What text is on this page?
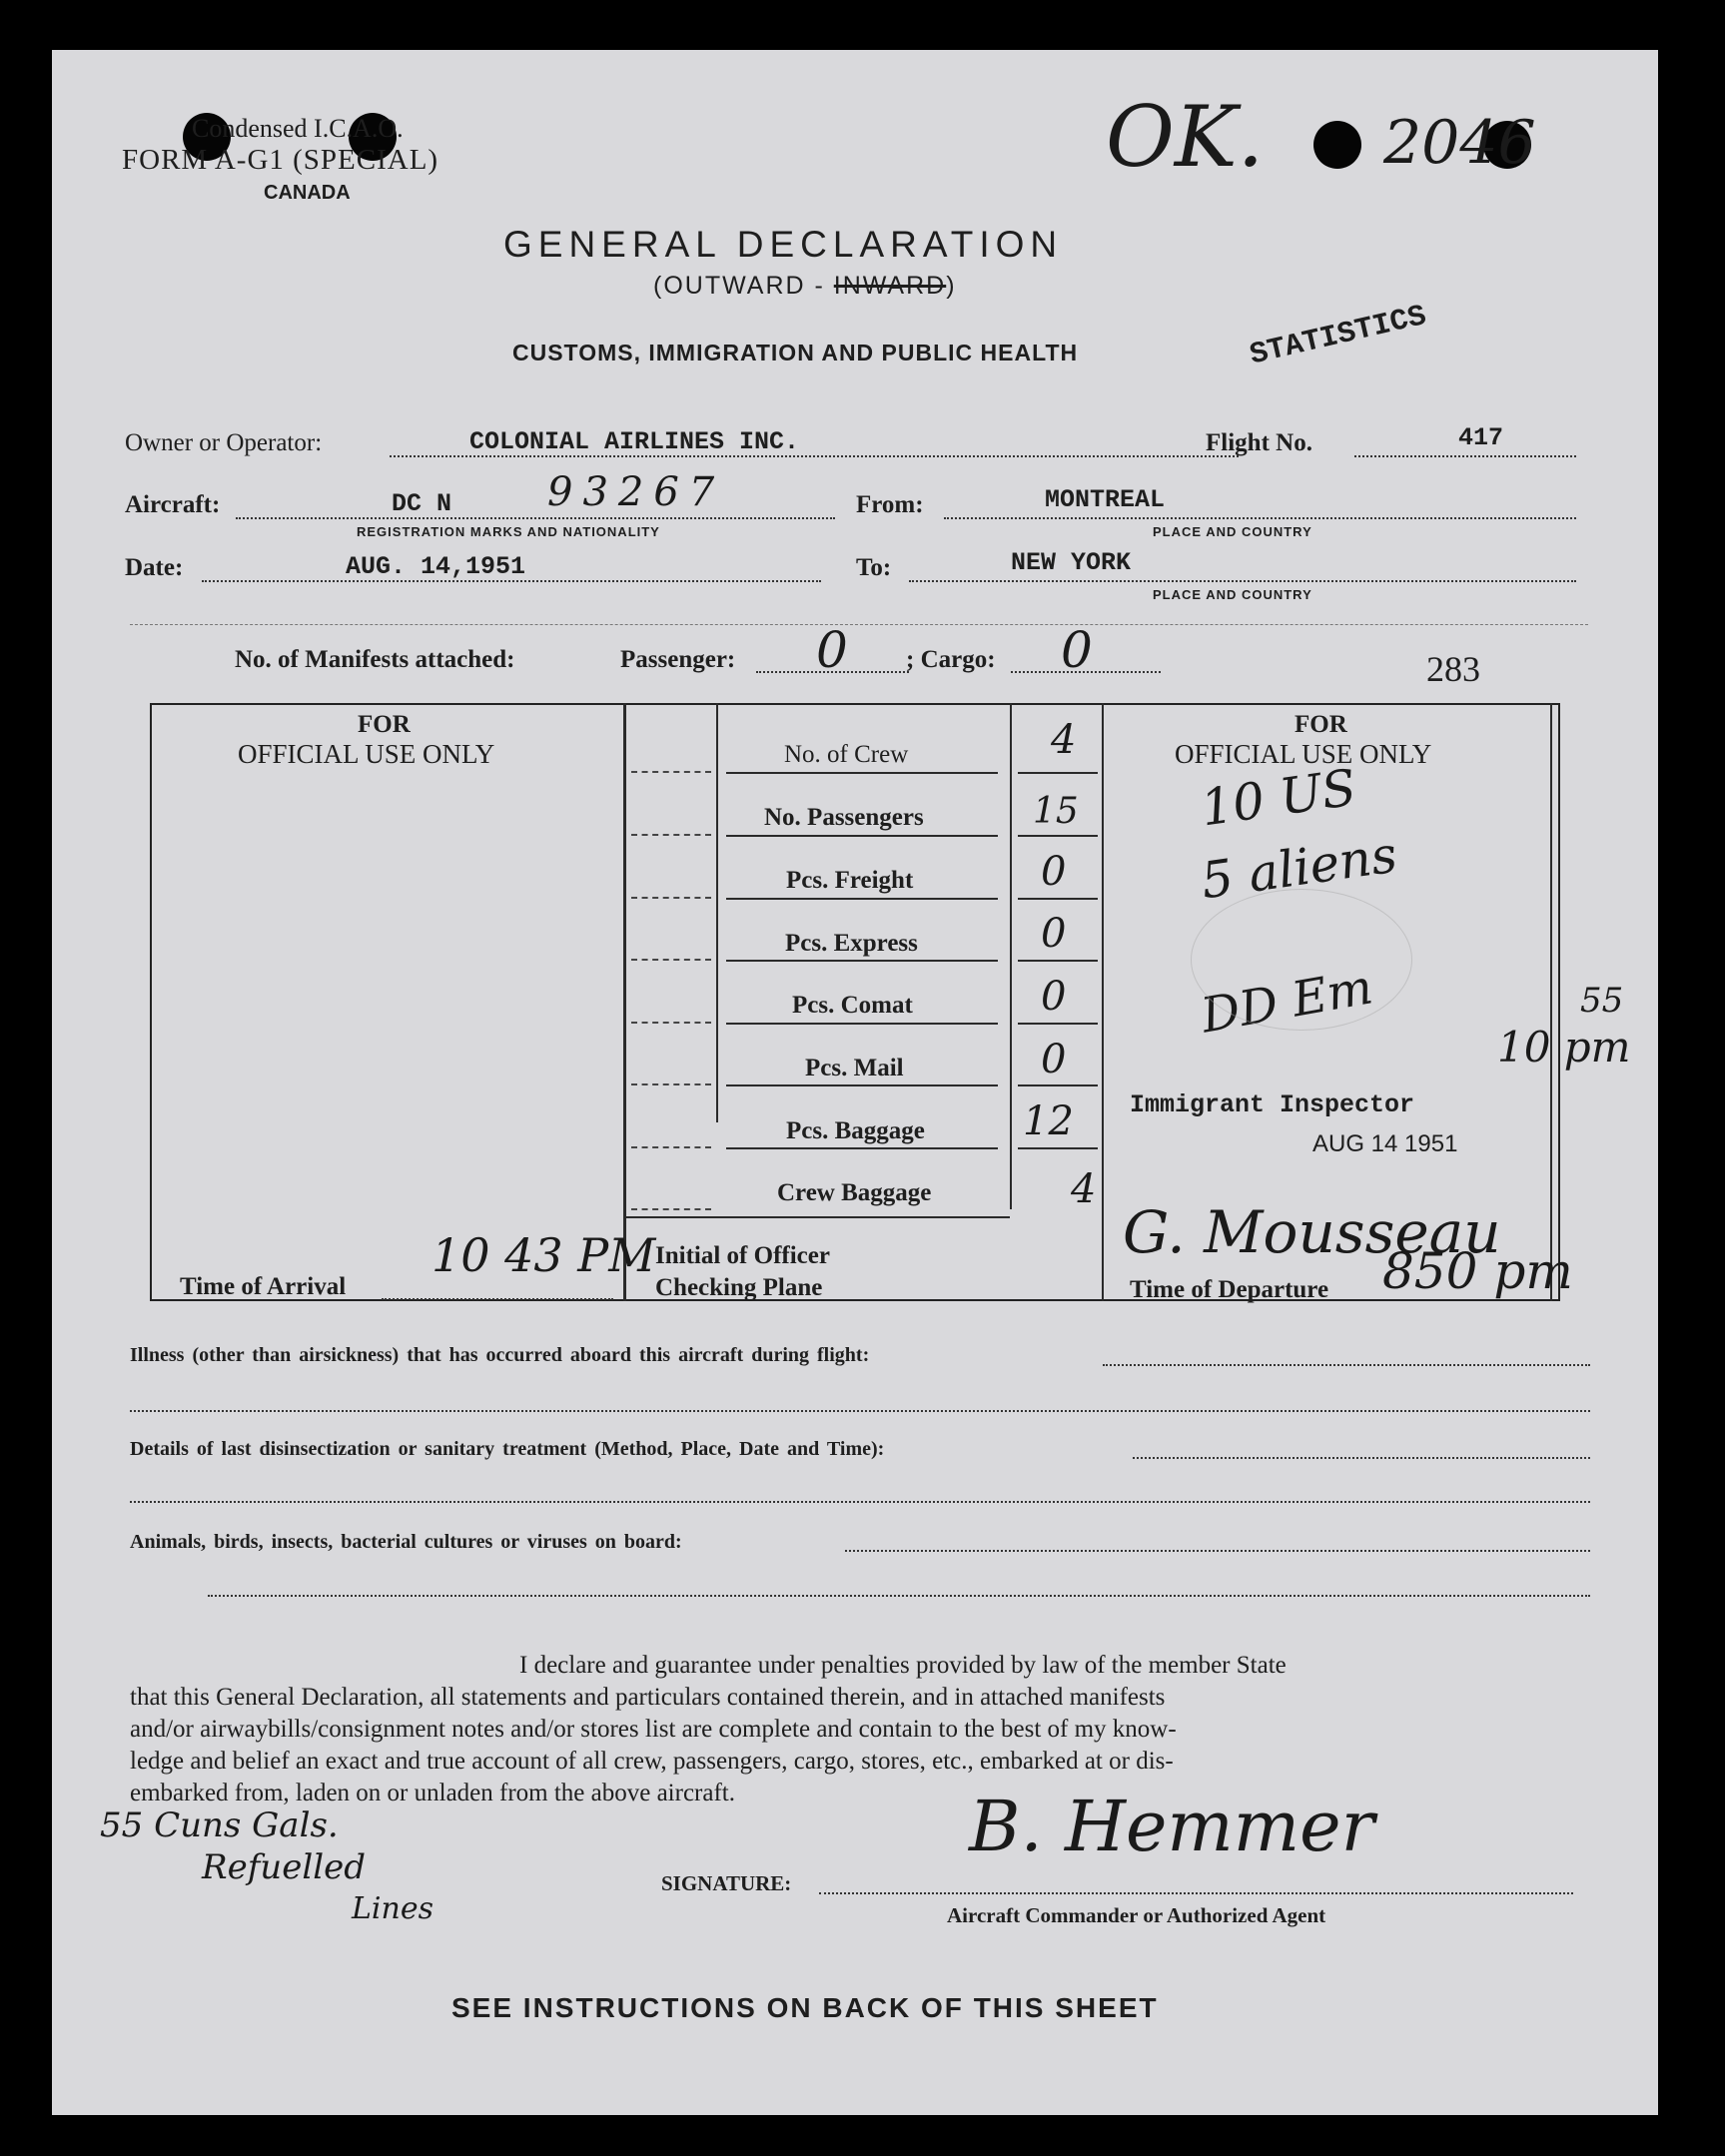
Condensed I.C.A.O.
FORM A-G1 (SPECIAL)
CANADA
OK. 2046
GENERAL DECLARATION
(OUTWARD - INWARD)
CUSTOMS, IMMIGRATION AND PUBLIC HEALTH	STATISTICS
Owner or Operator:	COLONIAL AIRLINES INC.	Flight No.	417
Aircraft:	DC N 93267
REGISTRATION MARKS AND NATIONALITY
From:	MONTREAL
PLACE AND COUNTRY
Date:	AUG. 14,1951	To:	NEW YORK
PLACE AND COUNTRY
No. of Manifests attached:	Passenger: 0 ; Cargo: 0	283
FOR
OFFICIAL USE ONLY
FOR
OFFICIAL USE ONLY
No. of Crew	4
No. Passengers	15
Pcs. Freight	0
Pcs. Express	0
Pcs. Comat	0
Pcs. Mail	0
Pcs. Baggage 12
Crew Baggage	4
Time of Arrival
10 43 PM Initial of Officer
Checking Plane	Time of Departure 850 pm
10 US
5 aliens
DD Em
10 pm
55
Immigrant Inspector
AUG 14 1951
G. Mousseau
Illness (other than airsickness) that has occurred aboard this aircraft during flight:
Details of last disinsectization or sanitary treatment (Method, Place, Date and Time):
Animals, birds, insects, bacterial cultures or viruses on board:
I declare and guarantee under penalties provided by law of the member State
that this General Declaration, all statements and particulars contained therein, and in attached manifests
and/or airwaybills/consignment notes and/or stores list are complete and contain to the best of my know-
ledge and belief an exact and true account of all crew, passengers, cargo, stores, etc., embarked at or dis-
embarked from, laden on or unladen from the above aircraft.
55 Cuns Gals.
Refuelled
Lines
SIGNATURE:
B. Hemmer
Aircraft Commander or Authorized Agent
SEE INSTRUCTIONS ON BACK OF THIS SHEET
